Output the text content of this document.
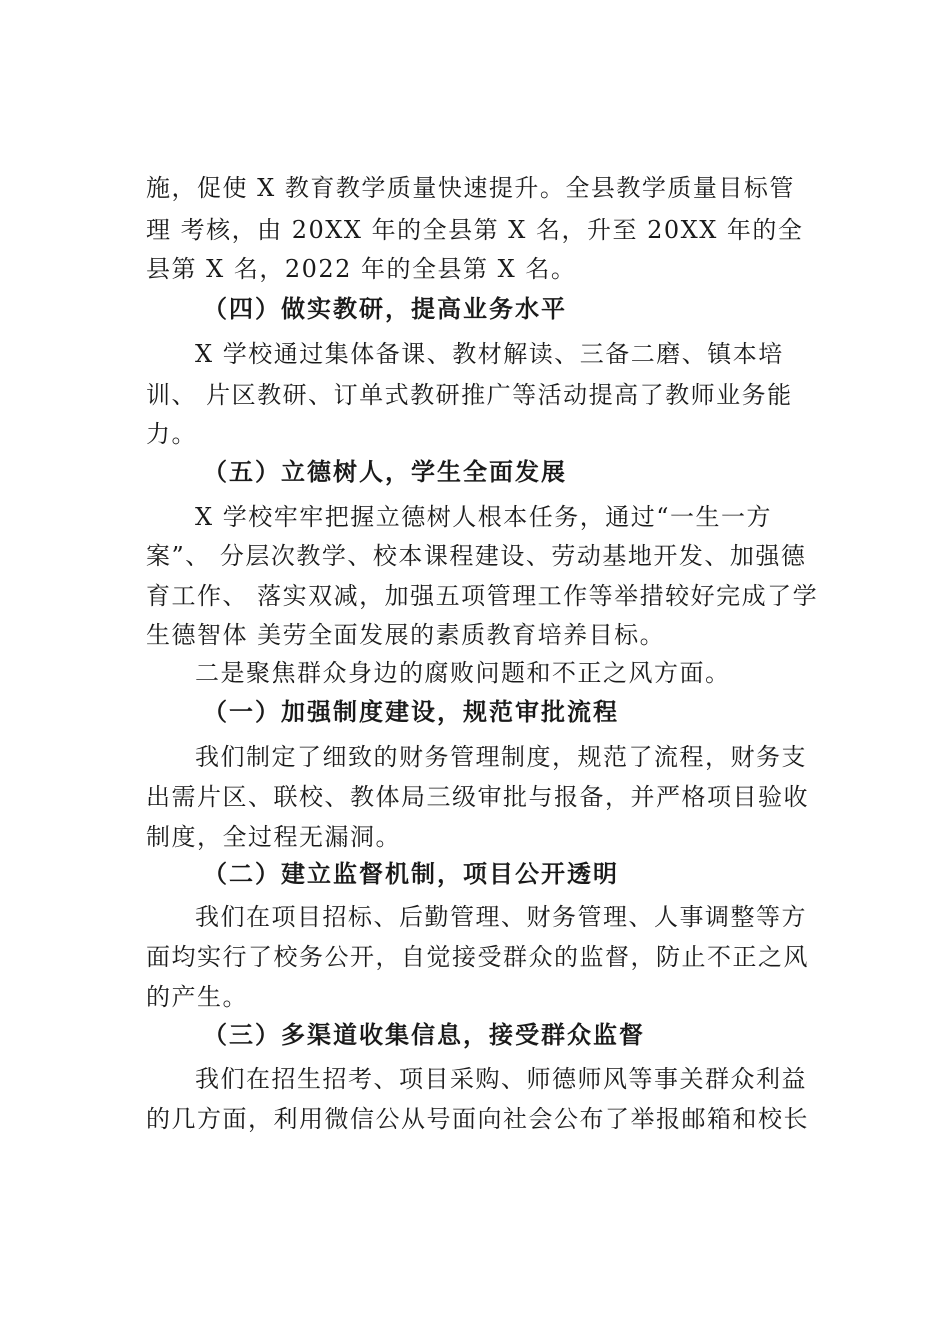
施，促使 X 教育教学质量快速提升。全县教学质量目标管
理 考核，由 20XX 年的全县第 X 名，升至 20XX 年的全
县第 X 名，2022 年的全县第 X 名。
（四）做实教研，提高业务水平
X 学校通过集体备课、教材解读、三备二磨、镇本培
训、 片区教研、订单式教研推广等活动提高了教师业务能
力。
（五）立德树人，学生全面发展
X 学校牢牢把握立德树人根本任务，通过“一生一方
案”、 分层次教学、校本课程建设、劳动基地开发、加强德
育工作、 落实双减，加强五项管理工作等举措较好完成了学
生德智体 美劳全面发展的素质教育培养目标。
二是聚焦群众身边的腐败问题和不正之风方面。
（一）加强制度建设，规范审批流程
我们制定了细致的财务管理制度，规范了流程，财务支
出需片区、联校、教体局三级审批与报备，并严格项目验收
制度，全过程无漏洞。
（二）建立监督机制，项目公开透明
我们在项目招标、后勤管理、财务管理、人事调整等方
面均实行了校务公开，自觉接受群众的监督，防止不正之风
的产生。
（三）多渠道收集信息，接受群众监督
我们在招生招考、项目采购、师德师风等事关群众利益
的几方面，利用微信公从号面向社会公布了举报邮箱和校长
